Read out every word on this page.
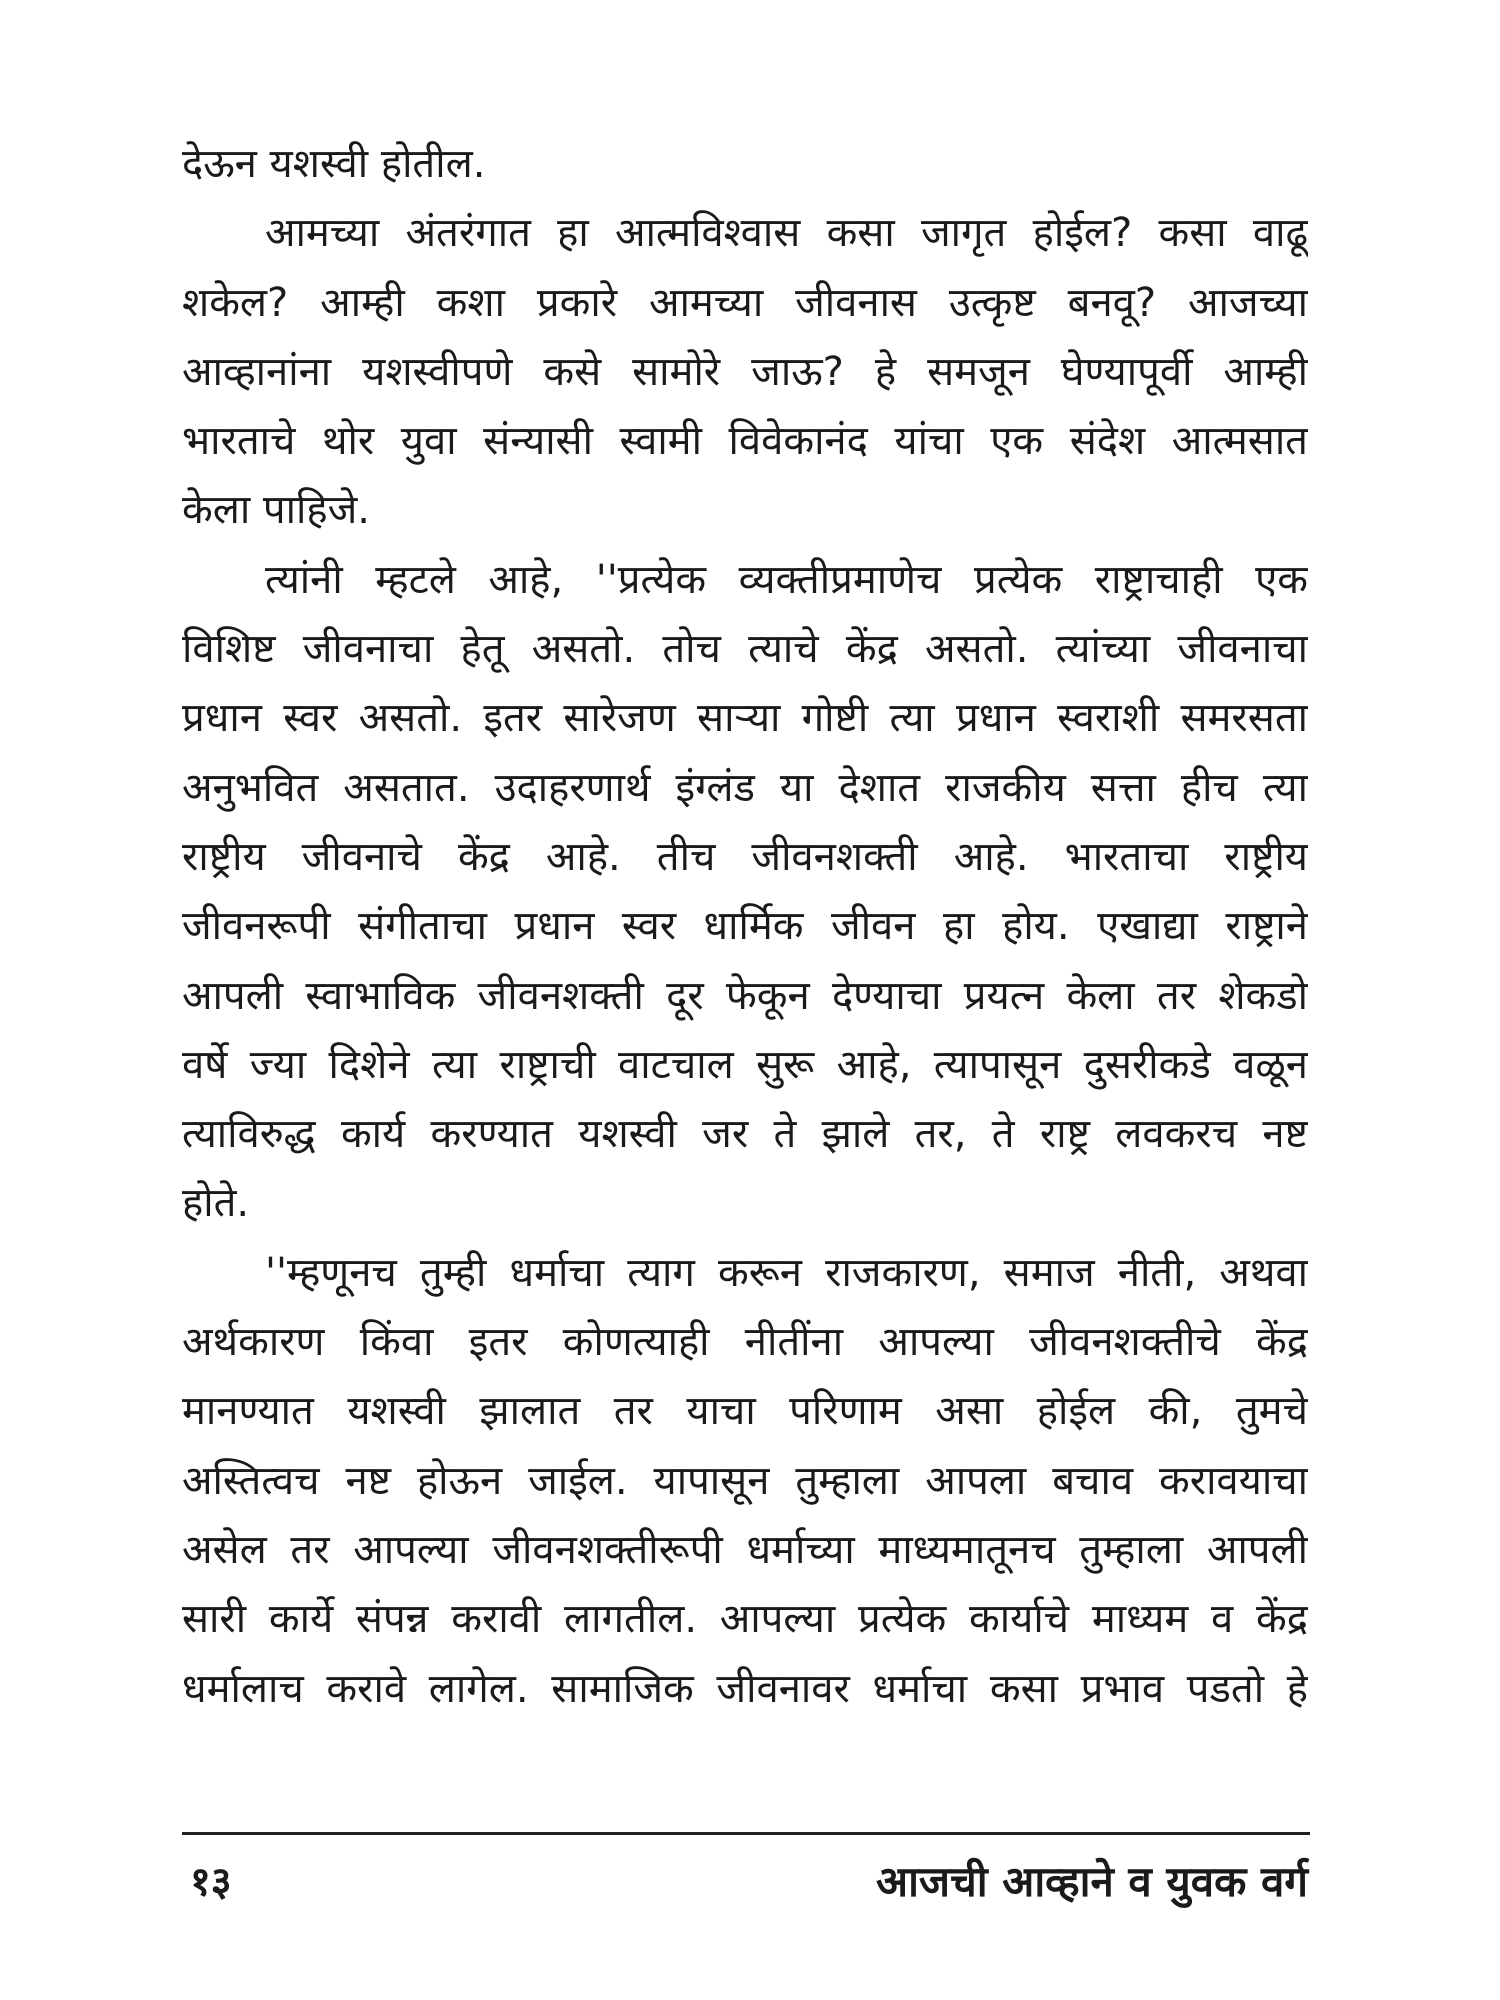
देऊन यशस्वी होतील.
आमच्या अंतरंगात हा आत्मविश्वास कसा जागृत होईल? कसा वाढू
शकेल? आम्ही कशा प्रकारे आमच्या जीवनास उत्कृष्ट बनवू? आजच्या
आव्हानांना यशस्वीपणे कसे सामोरे जाऊ? हे समजून घेण्यापूर्वी आम्ही
भारताचे थोर युवा संन्यासी स्वामी विवेकानंद यांचा एक संदेश आत्मसात
केला पाहिजे.
त्यांनी म्हटले आहे, ''प्रत्येक व्यक्तीप्रमाणेच प्रत्येक राष्ट्राचाही एक
विशिष्ट जीवनाचा हेतू असतो. तोच त्याचे केंद्र असतो. त्यांच्या जीवनाचा
प्रधान स्वर असतो. इतर सारेजण साऱ्या गोष्टी त्या प्रधान स्वराशी समरसता
अनुभवित असतात. उदाहरणार्थ इंग्लंड या देशात राजकीय सत्ता हीच त्या
राष्ट्रीय जीवनाचे केंद्र आहे. तीच जीवनशक्ती आहे. भारताचा राष्ट्रीय
जीवनरूपी संगीताचा प्रधान स्वर धार्मिक जीवन हा होय. एखाद्या राष्ट्राने
आपली स्वाभाविक जीवनशक्ती दूर फेकून देण्याचा प्रयत्न केला तर शेकडो
वर्षे ज्या दिशेने त्या राष्ट्राची वाटचाल सुरू आहे, त्यापासून दुसरीकडे वळून
त्याविरुद्ध कार्य करण्यात यशस्वी जर ते झाले तर, ते राष्ट्र लवकरच नष्ट
होते.
''म्हणूनच तुम्ही धर्माचा त्याग करून राजकारण, समाज नीती, अथवा
अर्थकारण किंवा इतर कोणत्याही नीतींना आपल्या जीवनशक्तीचे केंद्र
मानण्यात यशस्वी झालात तर याचा परिणाम असा होईल की, तुमचे
अस्तित्वच नष्ट होऊन जाईल. यापासून तुम्हाला आपला बचाव करावयाचा
असेल तर आपल्या जीवनशक्तीरूपी धर्माच्या माध्यमातूनच तुम्हाला आपली
सारी कार्ये संपन्न करावी लागतील. आपल्या प्रत्येक कार्याचे माध्यम व केंद्र
धर्मालाच करावे लागेल. सामाजिक जीवनावर धर्माचा कसा प्रभाव पडतो हे
१३	आजची आव्हाने व युवक वर्ग
